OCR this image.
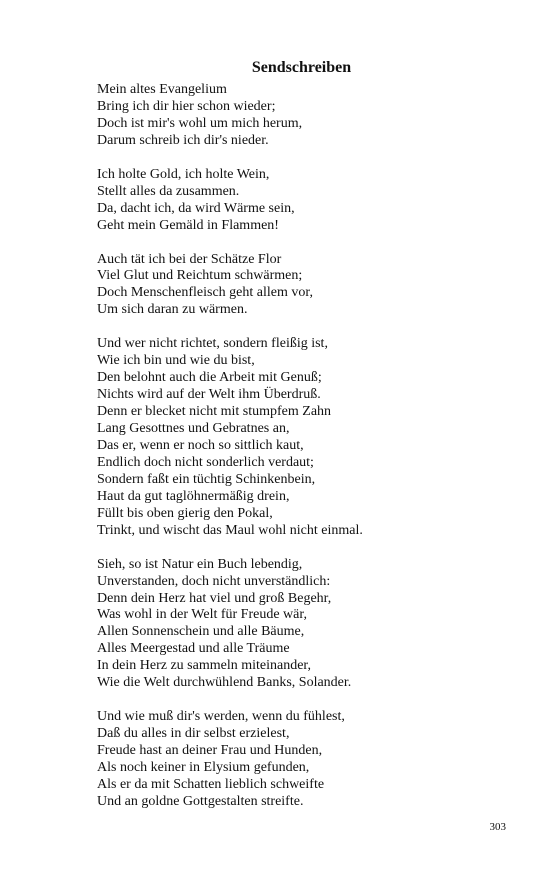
Sendschreiben
Mein altes Evangelium
Bring ich dir hier schon wieder;
Doch ist mir's wohl um mich herum,
Darum schreib ich dir's nieder.
Ich holte Gold, ich holte Wein,
Stellt alles da zusammen.
Da, dacht ich, da wird Wärme sein,
Geht mein Gemäld in Flammen!
Auch tät ich bei der Schätze Flor
Viel Glut und Reichtum schwärmen;
Doch Menschenfleisch geht allem vor,
Um sich daran zu wärmen.
Und wer nicht richtet, sondern fleißig ist,
Wie ich bin und wie du bist,
Den belohnt auch die Arbeit mit Genuß;
Nichts wird auf der Welt ihm Überdruß.
Denn er blecket nicht mit stumpfem Zahn
Lang Gesottnes und Gebratnes an,
Das er, wenn er noch so sittlich kaut,
Endlich doch nicht sonderlich verdaut;
Sondern faßt ein tüchtig Schinkenbein,
Haut da gut taglöhnermäßig drein,
Füllt bis oben gierig den Pokal,
Trinkt, und wischt das Maul wohl nicht einmal.
Sieh, so ist Natur ein Buch lebendig,
Unverstanden, doch nicht unverständlich:
Denn dein Herz hat viel und groß Begehr,
Was wohl in der Welt für Freude wär,
Allen Sonnenschein und alle Bäume,
Alles Meergestad und alle Träume
In dein Herz zu sammeln miteinander,
Wie die Welt durchwühlend Banks, Solander.
Und wie muß dir's werden, wenn du fühlest,
Daß du alles in dir selbst erzielest,
Freude hast an deiner Frau und Hunden,
Als noch keiner in Elysium gefunden,
Als er da mit Schatten lieblich schweifte
Und an goldne Gottgestalten streifte.
303
